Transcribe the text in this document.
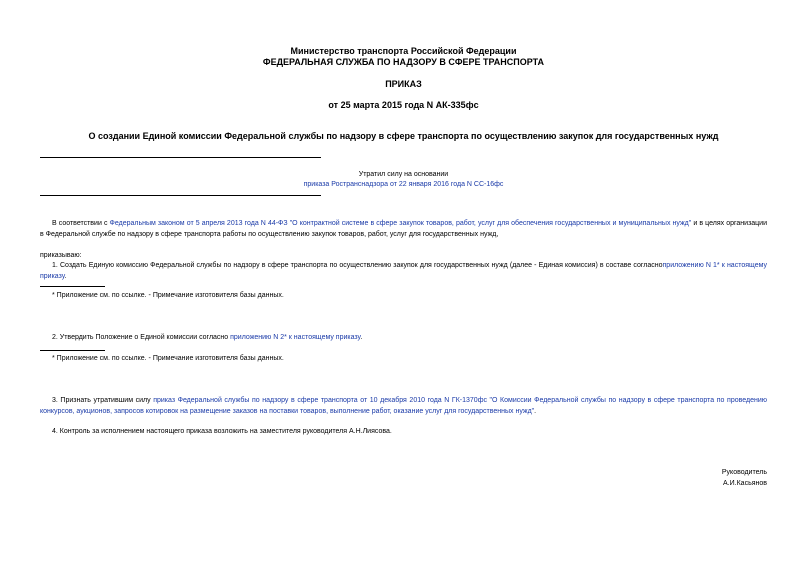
Министерство транспорта Российской Федерации
ФЕДЕРАЛЬНАЯ СЛУЖБА ПО НАДЗОРУ В СФЕРЕ ТРАНСПОРТА
ПРИКАЗ
от 25 марта 2015 года N АК-335фс
О создании Единой комиссии Федеральной службы по надзору в сфере транспорта по осуществлению закупок для государственных нужд
Утратил силу на основании
приказа Ространснадзора от 22 января 2016 года N СС-16фс
В соответствии с Федеральным законом от 5 апреля 2013 года N 44-ФЗ "О контрактной системе в сфере закупок товаров, работ, услуг для обеспечения государственных и муниципальных нужд" и в целях организации в Федеральной службе по надзору в сфере транспорта работы по осуществлению закупок товаров, работ, услуг для государственных нужд,
приказываю:
1. Создать Единую комиссию Федеральной службы по надзору в сфере транспорта по осуществлению закупок для государственных нужд (далее - Единая комиссия) в составе согласноприложению N 1* к настоящему приказу.
* Приложение см. по ссылке. - Примечание изготовителя базы данных.
2. Утвердить Положение о Единой комиссии согласно приложению N 2* к настоящему приказу.
* Приложение см. по ссылке. - Примечание изготовителя базы данных.
3. Признать утратившим силу приказ Федеральной службы по надзору в сфере транспорта от 10 декабря 2010 года N ГК-1370фс "О Комиссии Федеральной службы по надзору в сфере транспорта по проведению конкурсов, аукционов, запросов котировок на размещение заказов на поставки товаров, выполнение работ, оказание услуг для государственных нужд".
4. Контроль за исполнением настоящего приказа возложить на заместителя руководителя А.Н.Лиясова.
Руководитель
А.И.Касьянов
